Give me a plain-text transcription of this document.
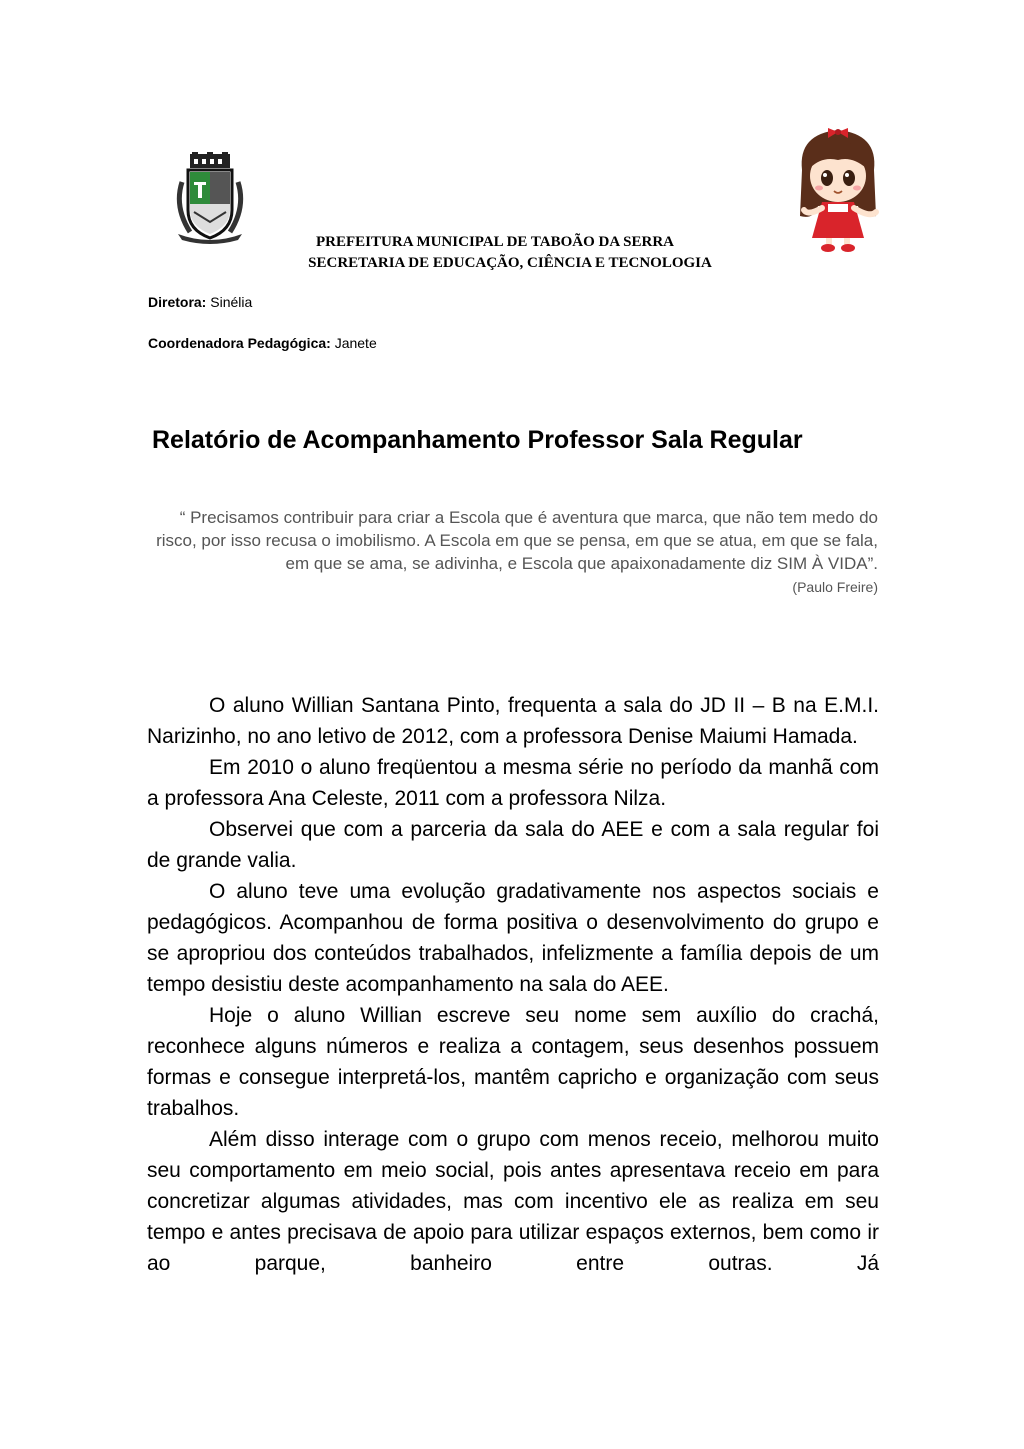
PREFEITURA MUNICIPAL DE TABOÃO DA SERRA
SECRETARIA DE EDUCAÇÃO, CIÊNCIA E TECNOLOGIA
Diretora: Sinélia
Coordenadora Pedagógica: Janete
Relatório de Acompanhamento Professor Sala Regular
“ Precisamos contribuir para criar a Escola que é aventura que marca, que não tem medo do risco, por isso recusa o imobilismo. A Escola em que se pensa, em que se atua, em que se fala, em que se ama, se adivinha, e Escola que apaixonadamente diz SIM À VIDA”.
(Paulo Freire)

O aluno Willian Santana Pinto, frequenta a sala do JD II – B na E.M.I. Narizinho, no ano letivo de 2012, com a professora Denise Maiumi Hamada.

Em 2010 o aluno freqüentou a mesma série no período da manhã com a professora Ana Celeste, 2011 com a professora Nilza.

Observei que com a parceria da sala do AEE e com a sala regular foi de grande valia.

O aluno teve uma evolução gradativamente nos aspectos sociais e pedagógicos. Acompanhou de forma positiva o desenvolvimento do grupo e se apropriou dos conteúdos trabalhados, infelizmente a família depois de um tempo desistiu deste acompanhamento na sala do AEE.

Hoje o aluno Willian escreve seu nome sem auxílio do crachá, reconhece alguns números e realiza a contagem, seus desenhos possuem formas e consegue interpretá-los, mantêm capricho e organização com seus trabalhos.

Além disso interage com o grupo com menos receio, melhorou muito seu comportamento em meio social, pois antes apresentava receio em para concretizar algumas atividades, mas com incentivo ele as realiza em seu tempo e antes precisava de apoio para utilizar espaços externos, bem como ir ao parque, banheiro entre outras. Já
